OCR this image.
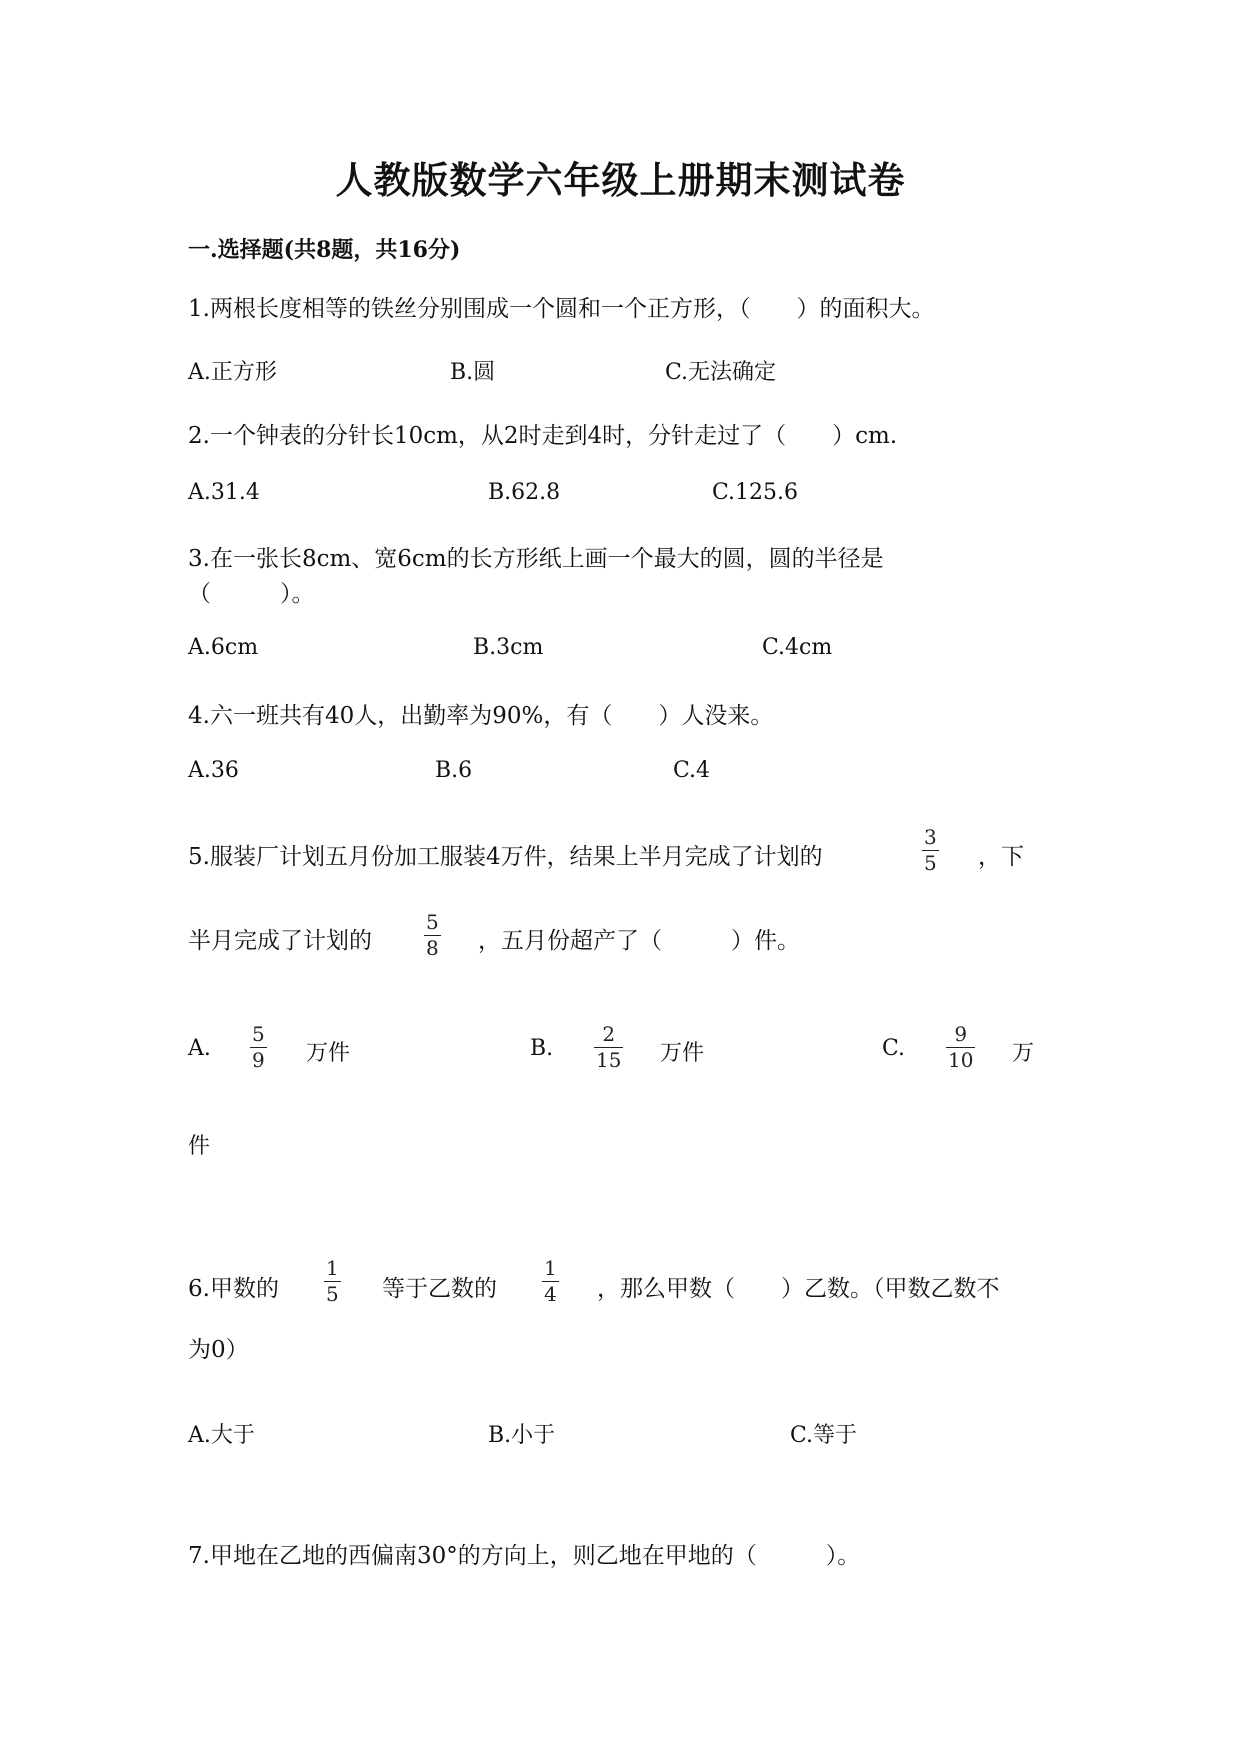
人教版数学六年级上册期末测试卷
一.选择题(共8题，共16分)
1.两根长度相等的铁丝分别围成一个圆和一个正方形，（　　）的面积大。
A.正方形	B.圆	C.无法确定
2.一个钟表的分针长10cm，从2时走到4时，分针走过了（　　）cm.
A.31.4	B.62.8	C.125.6
3.在一张长8cm、宽6cm的长方形纸上画一个最大的圆，圆的半径是
（　　　）。
A.6cm	B.3cm	C.4cm
4.六一班共有40人，出勤率为90%，有（　　）人没来。
A.36	B.6	C.4
5.服装厂计划五月份加工服装4万件，结果上半月完成了计划的
3
5 ，下
半月完成了计划的
5
8 ，五月份超产了（　　　）件。
A.
5
9 万件	B.
2
15 万件	C.
9
10 万
件
6.甲数的
1
5 等于乙数的
1
4 ，那么甲数（　　）乙数。（甲数乙数不
为0）
A.大于	B.小于	C.等于
7.甲地在乙地的西偏南30°的方向上，则乙地在甲地的（　　　）。
